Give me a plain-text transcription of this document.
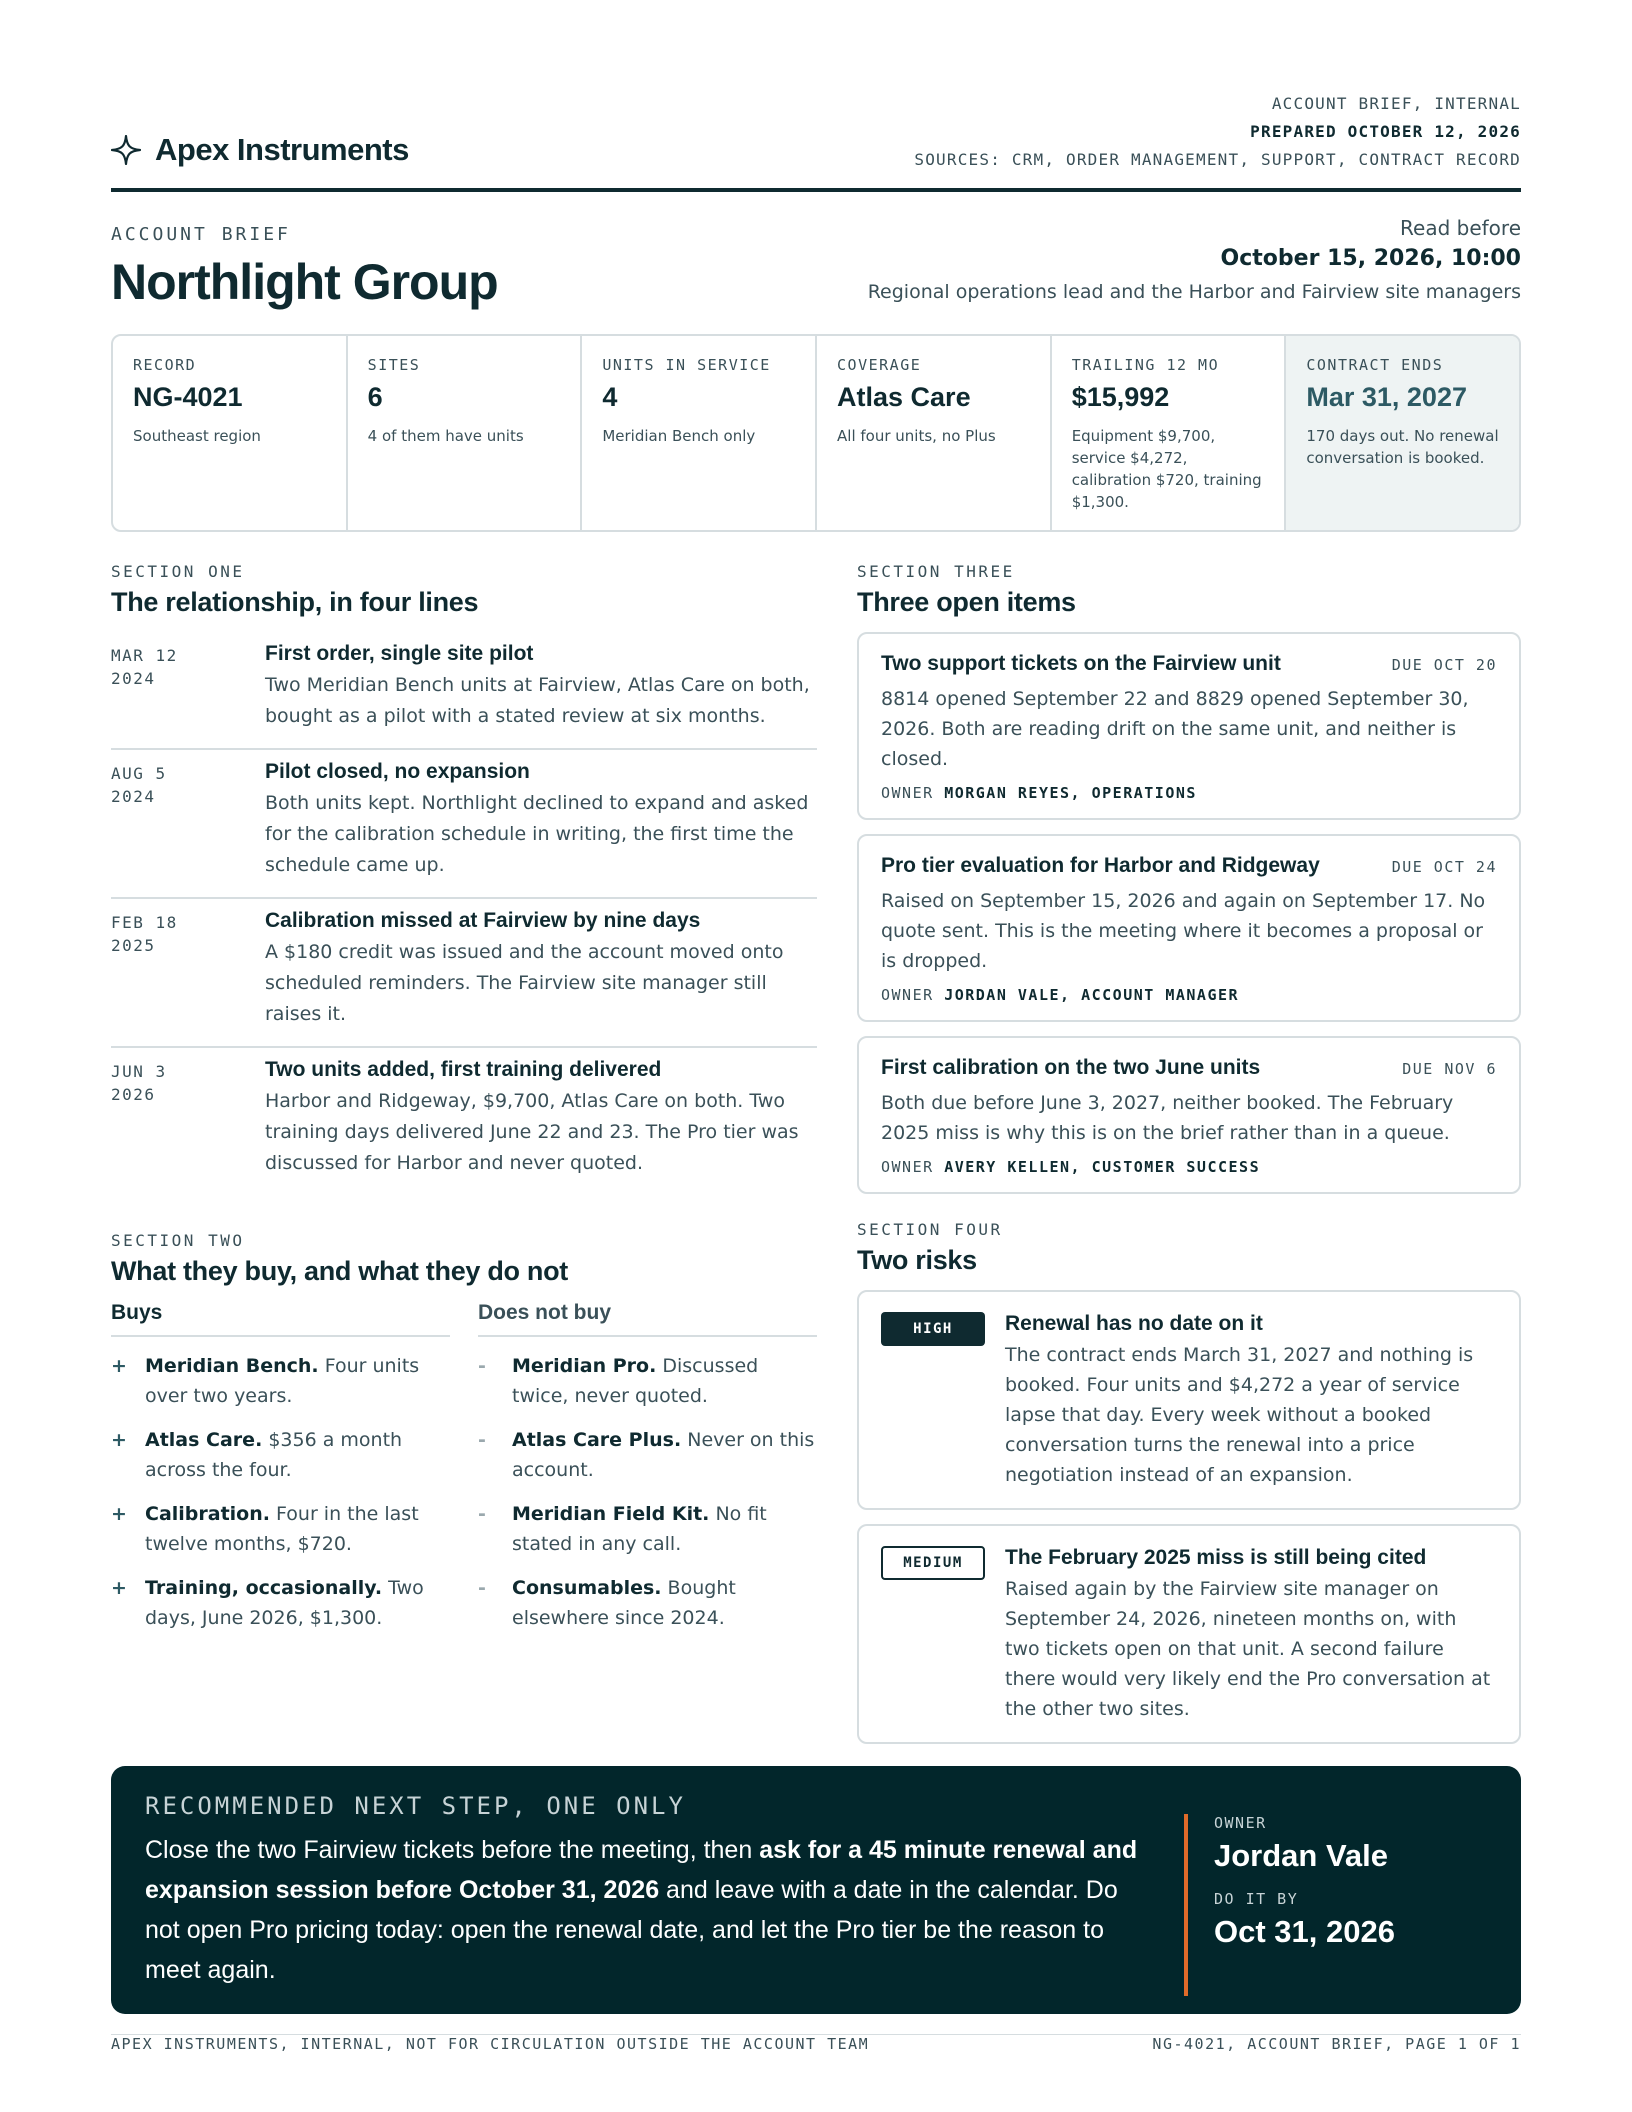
Apex Instruments
ACCOUNT BRIEF, INTERNAL
PREPARED OCTOBER 12, 2026
SOURCES: CRM, ORDER MANAGEMENT, SUPPORT, CONTRACT RECORD
ACCOUNT BRIEF
Northlight Group
Read before
October 15, 2026, 10:00
Regional operations lead and the Harbor and Fairview site managers
RECORD
NG-4021
Southeast region
SITES
6
4 of them have units
UNITS IN SERVICE
4
Meridian Bench only
COVERAGE
Atlas Care
All four units, no Plus
TRAILING 12 MO
$15,992
Equipment $9,700, service $4,272, calibration $720, training $1,300.
CONTRACT ENDS
Mar 31, 2027
170 days out. No renewal conversation is booked.
SECTION ONE
The relationship, in four lines
MAR 12
2024
First order, single site pilot
Two Meridian Bench units at Fairview, Atlas Care on both, bought as a pilot with a stated review at six months.
AUG 5
2024
Pilot closed, no expansion
Both units kept. Northlight declined to expand and asked for the calibration schedule in writing, the first time the schedule came up.
FEB 18
2025
Calibration missed at Fairview by nine days
A $180 credit was issued and the account moved onto scheduled reminders. The Fairview site manager still raises it.
JUN 3
2026
Two units added, first training delivered
Harbor and Ridgeway, $9,700, Atlas Care on both. Two training days delivered June 22 and 23. The Pro tier was discussed for Harbor and never quoted.
SECTION TWO
What they buy, and what they do not
Buys
+ Meridian Bench. Four units over two years.
+ Atlas Care. $356 a month across the four.
+ Calibration. Four in the last twelve months, $720.
+ Training, occasionally. Two days, June 2026, $1,300.
Does not buy
-	Meridian Pro. Discussed twice, never quoted.
-	Atlas Care Plus. Never on this account.
-	Meridian Field Kit. No fit stated in any call.
-	Consumables. Bought elsewhere since 2024.
SECTION THREE
Three open items
Two support tickets on the Fairview unit	DUE OCT 20
8814 opened September 22 and 8829 opened September 30, 2026. Both are reading drift on the same unit, and neither is closed.
OWNER MORGAN REYES, OPERATIONS
Pro tier evaluation for Harbor and Ridgeway	DUE OCT 24
Raised on September 15, 2026 and again on September 17. No quote sent. This is the meeting where it becomes a proposal or is dropped.
OWNER JORDAN VALE, ACCOUNT MANAGER
First calibration on the two June units	DUE NOV 6
Both due before June 3, 2027, neither booked. The February 2025 miss is why this is on the brief rather than in a queue.
OWNER AVERY KELLEN, CUSTOMER SUCCESS
SECTION FOUR
Two risks
HIGH	Renewal has no date on it
The contract ends March 31, 2027 and nothing is booked. Four units and $4,272 a year of service lapse that day. Every week without a booked conversation turns the renewal into a price negotiation instead of an expansion.
MEDIUM	The February 2025 miss is still being cited
Raised again by the Fairview site manager on September 24, 2026, nineteen months on, with two tickets open on that unit. A second failure there would very likely end the Pro conversation at the other two sites.
RECOMMENDED NEXT STEP, ONE ONLY
Close the two Fairview tickets before the meeting, then ask for a 45 minute renewal and expansion session before October 31, 2026 and leave with a date in the calendar. Do not open Pro pricing today: open the renewal date, and let the Pro tier be the reason to meet again.
OWNER
Jordan Vale
DO IT BY
Oct 31, 2026
APEX INSTRUMENTS, INTERNAL, NOT FOR CIRCULATION OUTSIDE THE ACCOUNT TEAM	NG-4021, ACCOUNT BRIEF, PAGE 1 OF 1
